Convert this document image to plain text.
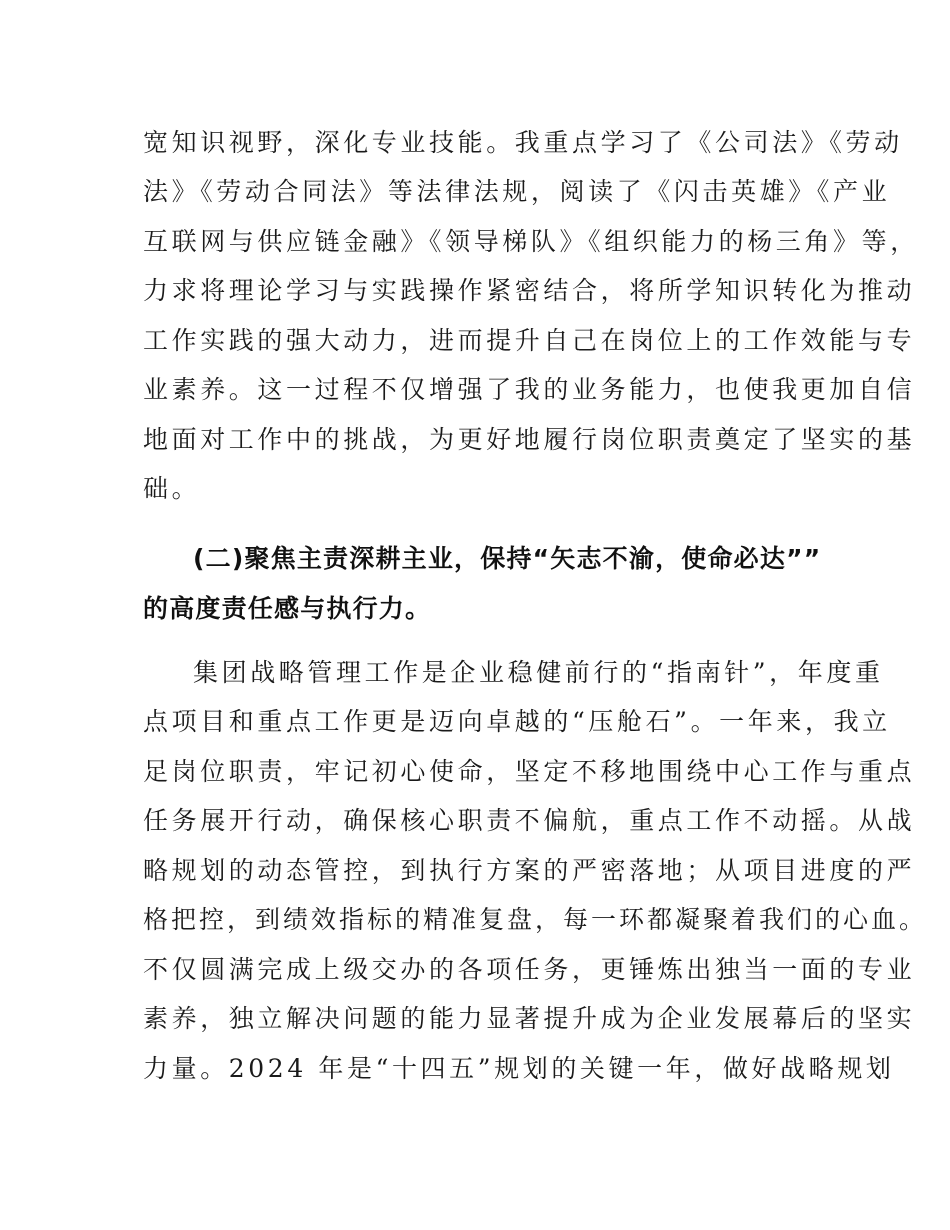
宽知识视野，深化专业技能。我重点学习了《公司法》《劳动
法》《劳动合同法》等法律法规，阅读了《闪击英雄》《产业
互联网与供应链金融》《领导梯队》《组织能力的杨三角》等，
力求将理论学习与实践操作紧密结合，将所学知识转化为推动
工作实践的强大动力，进而提升自己在岗位上的工作效能与专
业素养。这一过程不仅增强了我的业务能力，也使我更加自信
地面对工作中的挑战，为更好地履行岗位职责奠定了坚实的基
础。
(二)聚焦主责深耕主业，保持“矢志不渝，使命必达””
的高度责任感与执行力。
集团战略管理工作是企业稳健前行的“指南针”，年度重
点项目和重点工作更是迈向卓越的“压舱石”。一年来，我立
足岗位职责，牢记初心使命，坚定不移地围绕中心工作与重点
任务展开行动，确保核心职责不偏航，重点工作不动摇。从战
略规划的动态管控，到执行方案的严密落地；从项目进度的严
格把控，到绩效指标的精准复盘，每一环都凝聚着我们的心血。
不仅圆满完成上级交办的各项任务，更锤炼出独当一面的专业
素养，独立解决问题的能力显著提升成为企业发展幕后的坚实
力量。2024 年是“十四五”规划的关键一年，做好战略规划
